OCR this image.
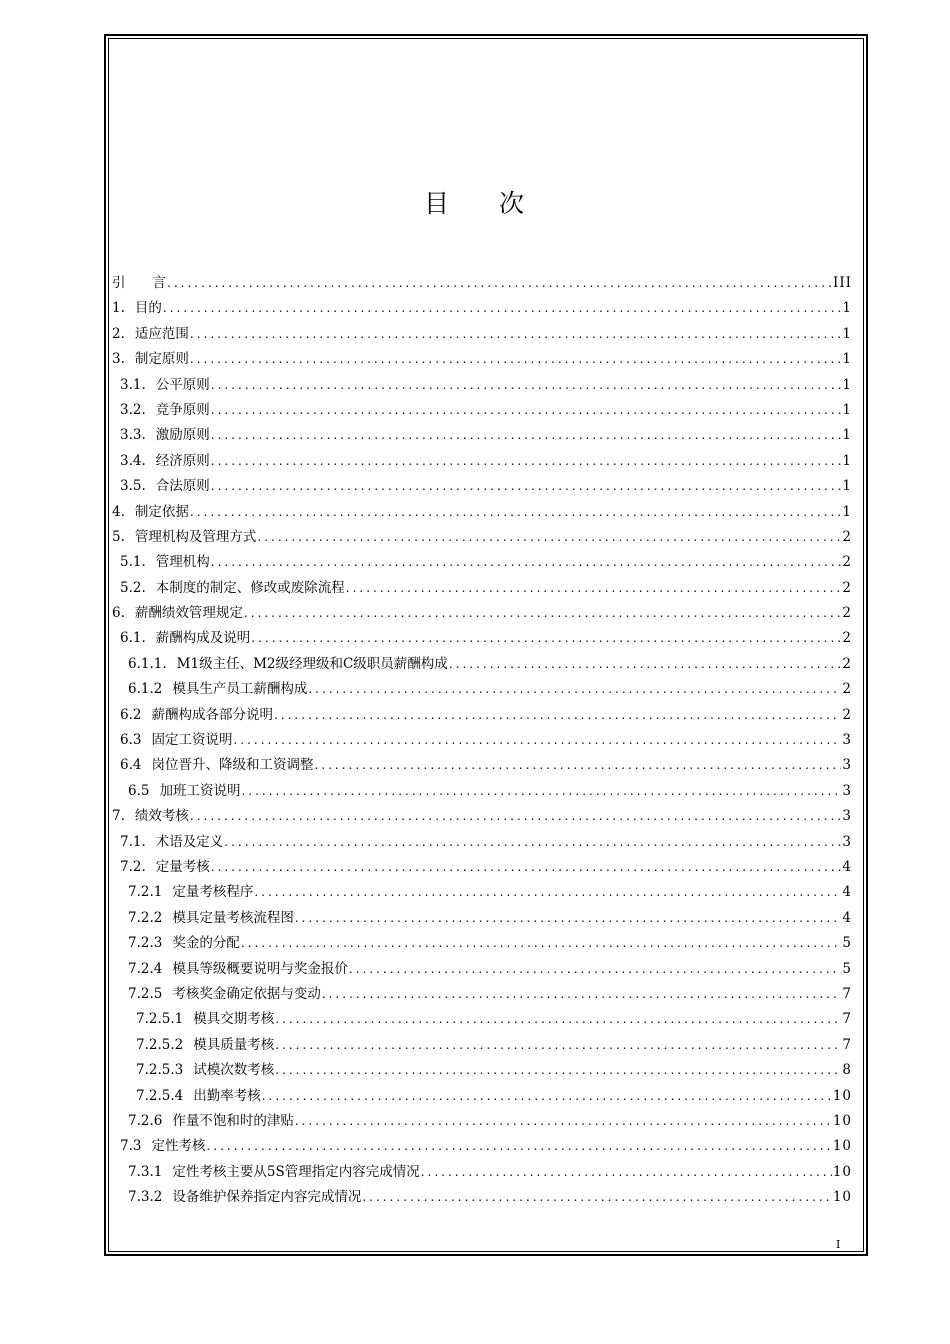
目 次
引　　言 .....	III
1. 目的 .....	1
2. 适应范围 .....	1
3. 制定原则 .....	1
3.1. 公平原则 .....	1
3.2. 竞争原则 .....	1
3.3. 激励原则 .....	1
3.4. 经济原则 .....	1
3.5. 合法原则 .....	1
4. 制定依据 .....	1
5. 管理机构及管理方式 .....	2
5.1. 管理机构 .....	2
5.2. 本制度的制定、修改或废除流程 .....	2
6. 薪酬绩效管理规定 .....	2
6.1. 薪酬构成及说明 .....	2
6.1.1. M1级主任、M2级经理级和C级职员薪酬构成 .....	2
6.1.2 模具生产员工薪酬构成 .....	2
6.2 薪酬构成各部分说明 .....	2
6.3 固定工资说明 .....	3
6.4 岗位晋升、降级和工资调整 .....	3
6.5 加班工资说明 .....	3
7. 绩效考核 .....	3
7.1. 术语及定义 .....	3
7.2. 定量考核 .....	4
7.2.1 定量考核程序 .....	4
7.2.2 模具定量考核流程图 .....	4
7.2.3 奖金的分配 .....	5
7.2.4 模具等级概要说明与奖金报价 .....	5
7.2.5 考核奖金确定依据与变动 .....	7
7.2.5.1 模具交期考核 .....	7
7.2.5.2 模具质量考核 .....	7
7.2.5.3 试模次数考核 .....	8
7.2.5.4 出勤率考核 .....	10
7.2.6 作量不饱和时的津贴 .....	10
7.3 定性考核 .....	10
7.3.1 定性考核主要从5S管理指定内容完成情况 .....	10
7.3.2 设备维护保养指定内容完成情况 .....	10
I
